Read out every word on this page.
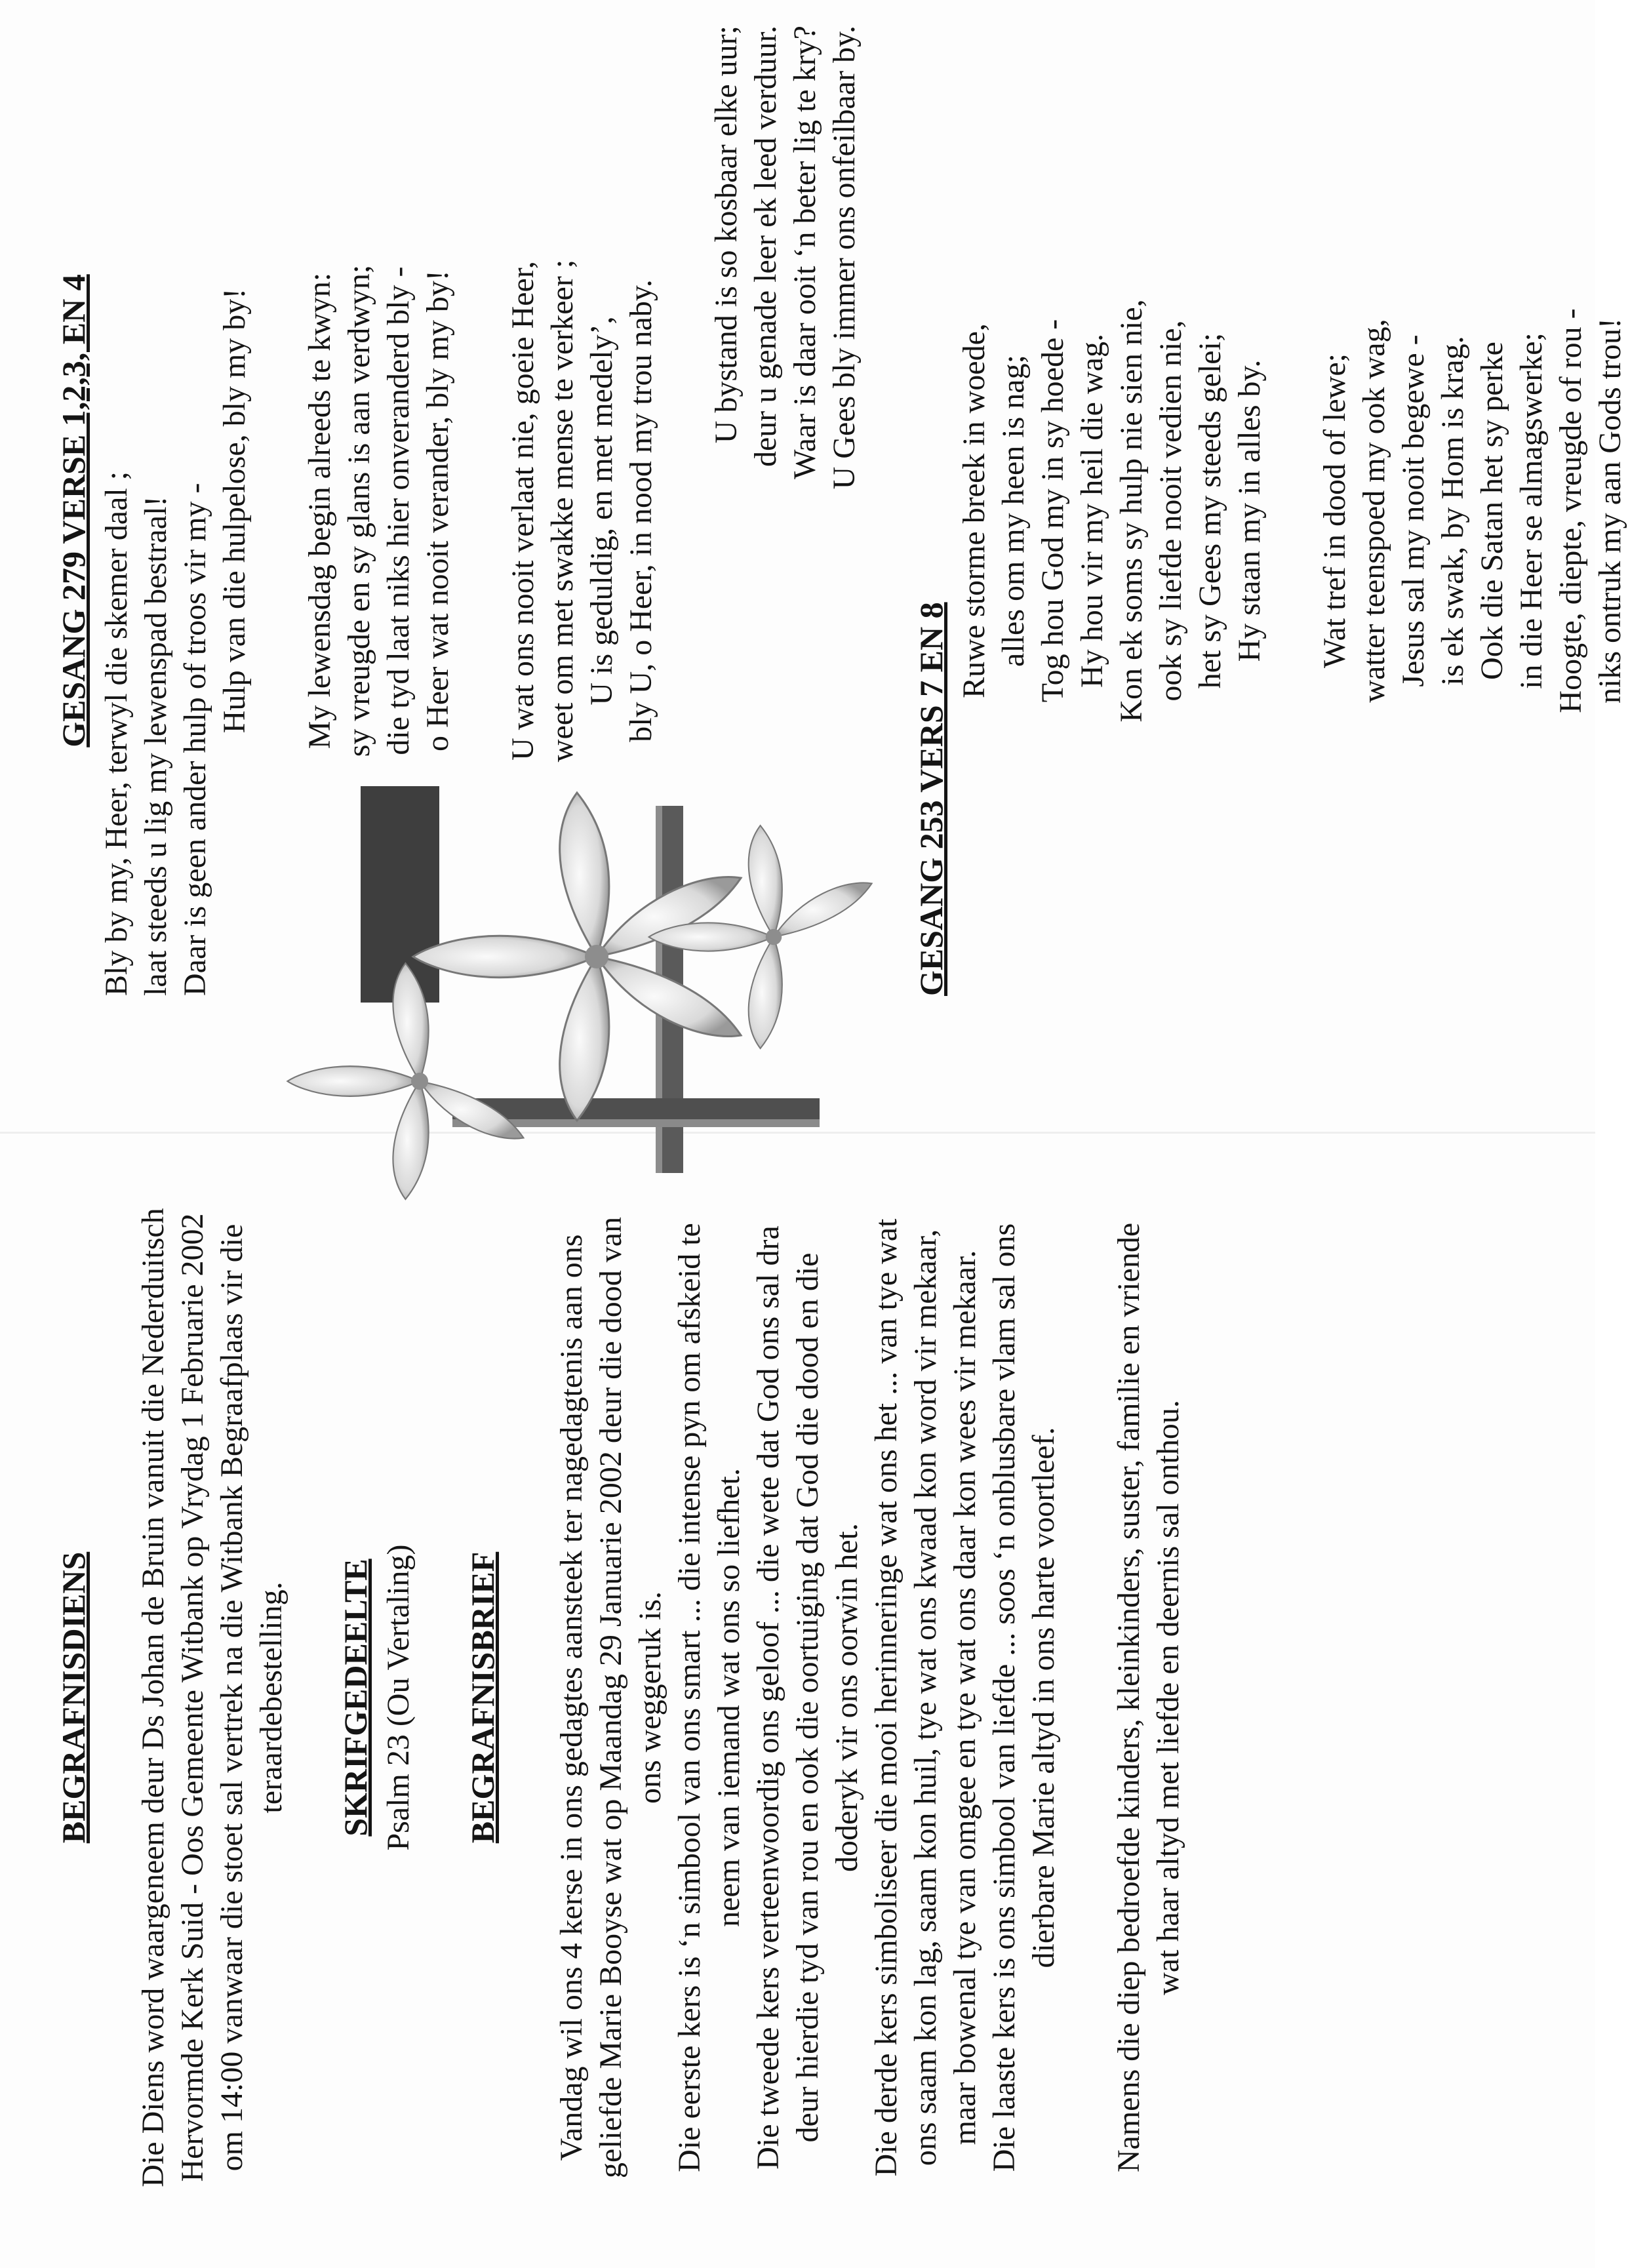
BEGRAFNISDIENS Die Diens word waargeneem deur Ds Johan de Bruin vanuit die Nederduitsch Hervormde Kerk Suid - Oos Gemeente Witbank op Vrydag 1 Februarie 2002 om 14:00 vanwaar die stoet sal vertrek na die Witbank Begraafplaas vir die teraardebestelling. SKRIFGEDEELTE Psalm 23 (Ou Vertaling) BEGRAFNISBRIEF Vandag wil ons 4 kerse in ons gedagtes aansteek ter nagedagtenis aan ons geliefde Marie Booyse wat op Maandag 29 Januarie 2002 deur die dood van ons weggeruk is. Die eerste kers is ‘n simbool van ons smart ... die intense pyn om afskeid te neem van iemand wat ons so liefhet. Die tweede kers verteenwoordig ons geloof ... die wete dat God ons sal dra deur hierdie tyd van rou en ook die oortuiging dat God die dood en die doderyk vir ons oorwin het. Die derde kers simboliseer die mooi herinneringe wat ons het ... van tye wat ons saam kon lag, saam kon huil, tye wat ons kwaad kon word vir mekaar, maar bowenal tye van omgee en tye wat ons daar kon wees vir mekaar. Die laaste kers is ons simbool van liefde ... soos ‘n onblusbare vlam sal ons dierbare Marie altyd in ons harte voortleef. Namens die diep bedroefde kinders, kleinkinders, suster, familie en vriende wat haar altyd met liefde en deernis sal onthou.

GESANG 279 VERSE 1,2,3, EN 4 Bly by my, Heer, terwyl die skemer daal ; laat steeds u lig my lewenspad bestraal! Daar is geen ander hulp of troos vir my - Hulp van die hulpelose, bly my by! My lewensdag begin alreeds te kwyn: sy vreugde en sy glans is aan verdwyn; die tyd laat niks hier onveranderd bly - o Heer wat nooit verander, bly my by! U wat ons nooit verlaat nie, goeie Heer, weet om met swakke mense te verkeer ; U is geduldig, en met medely’, bly U, o Heer, in nood my trou naby.
U bystand is so kosbaar elke uur; deur u genade leer ek leed verduur. Waar is daar ooit ‘n beter lig te kry? U Gees bly immer ons onfeilbaar by.
GESANG 253 VERS 7 EN 8
Ruwe storme breek in woede, alles om my heen is nag; Tog hou God my in sy hoede - Hy hou vir my heil die wag. Kon ek soms sy hulp nie sien nie, ook sy liefde nooit vedien nie, het sy Gees my steeds gelei; Hy staan my in alles by. Wat tref in dood of lewe; watter teenspoed my ook wag, Jesus sal my nooit begewe - is ek swak, by Hom is krag. Ook die Satan het sy perke in die Heer se almagswerke; Hoogte, diepte, vreugde of rou - niks ontruk my aan Gods trou!
